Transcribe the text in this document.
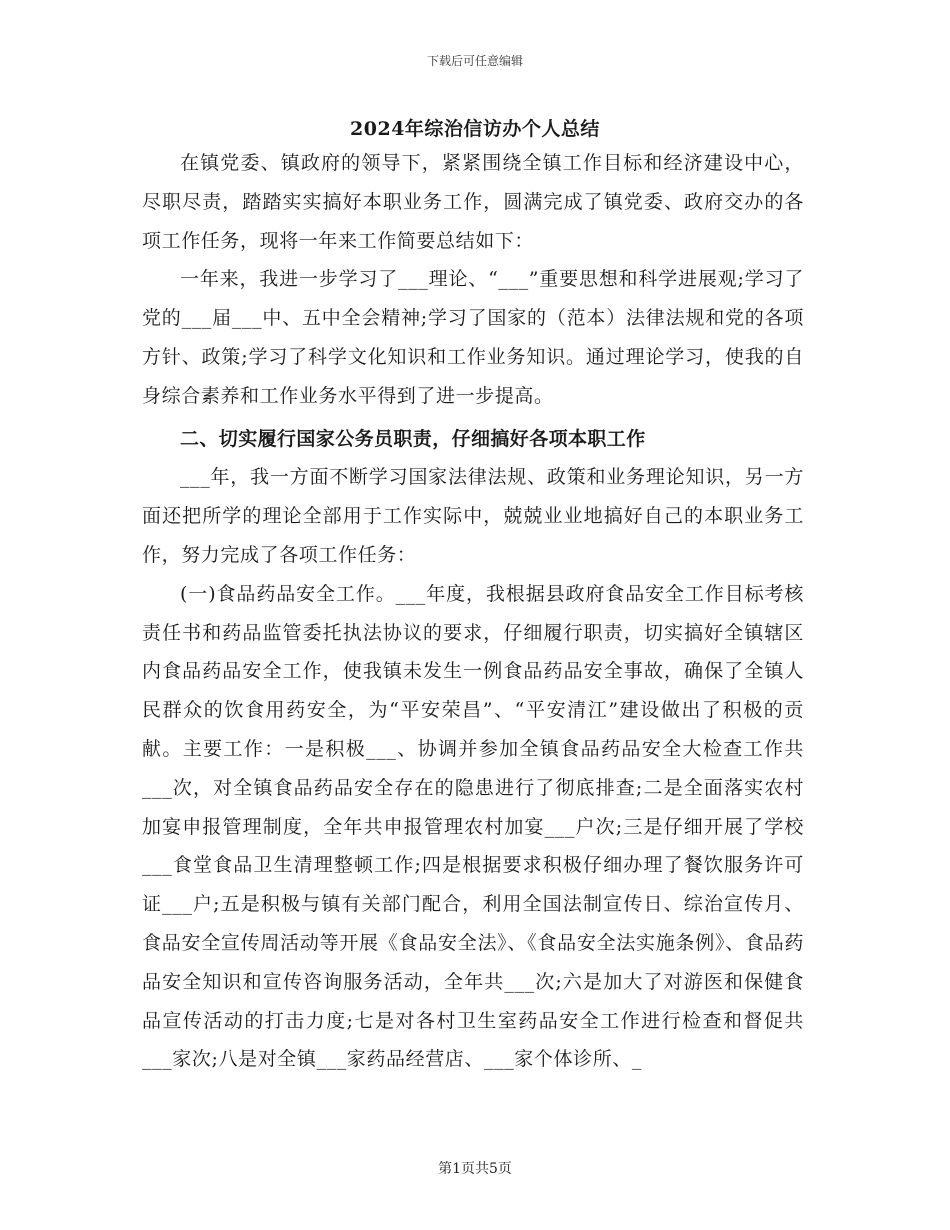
下载后可任意编辑
2024年综治信访办个人总结

在镇党委、镇政府的领导下，紧紧围绕全镇工作目标和经济建设中心，尽职尽责，踏踏实实搞好本职业务工作，圆满完成了镇党委、政府交办的各项工作任务，现将一年来工作简要总结如下：

一年来，我进一步学习了___理论、“___”重要思想和科学进展观;学习了党的___届___中、五中全会精神;学习了国家的（范本）法律法规和党的各项方针、政策;学习了科学文化知识和工作业务知识。通过理论学习，使我的自身综合素养和工作业务水平得到了进一步提高。

二、切实履行国家公务员职责，仔细搞好各项本职工作

___年，我一方面不断学习国家法律法规、政策和业务理论知识，另一方面还把所学的理论全部用于工作实际中，兢兢业业地搞好自己的本职业务工作，努力完成了各项工作任务：

(一)食品药品安全工作。___年度，我根据县政府食品安全工作目标考核责任书和药品监管委托执法协议的要求，仔细履行职责，切实搞好全镇辖区内食品药品安全工作，使我镇未发生一例食品药品安全事故，确保了全镇人民群众的饮食用药安全，为“平安荣昌”、“平安清江”建设做出了积极的贡献。主要工作：一是积极___、协调并参加全镇食品药品安全大检查工作共___次，对全镇食品药品安全存在的隐患进行了彻底排查;二是全面落实农村加宴申报管理制度，全年共申报管理农村加宴___户次;三是仔细开展了学校___食堂食品卫生清理整顿工作;四是根据要求积极仔细办理了餐饮服务许可证___户;五是积极与镇有关部门配合，利用全国法制宣传日、综治宣传月、食品安全宣传周活动等开展《食品安全法》、《食品安全法实施条例》、食品药品安全知识和宣传咨询服务活动，全年共___次;六是加大了对游医和保健食品宣传活动的打击力度;七是对各村卫生室药品安全工作进行检查和督促共___家次;八是对全镇___家药品经营店、___家个体诊所、_

第1页共5页
